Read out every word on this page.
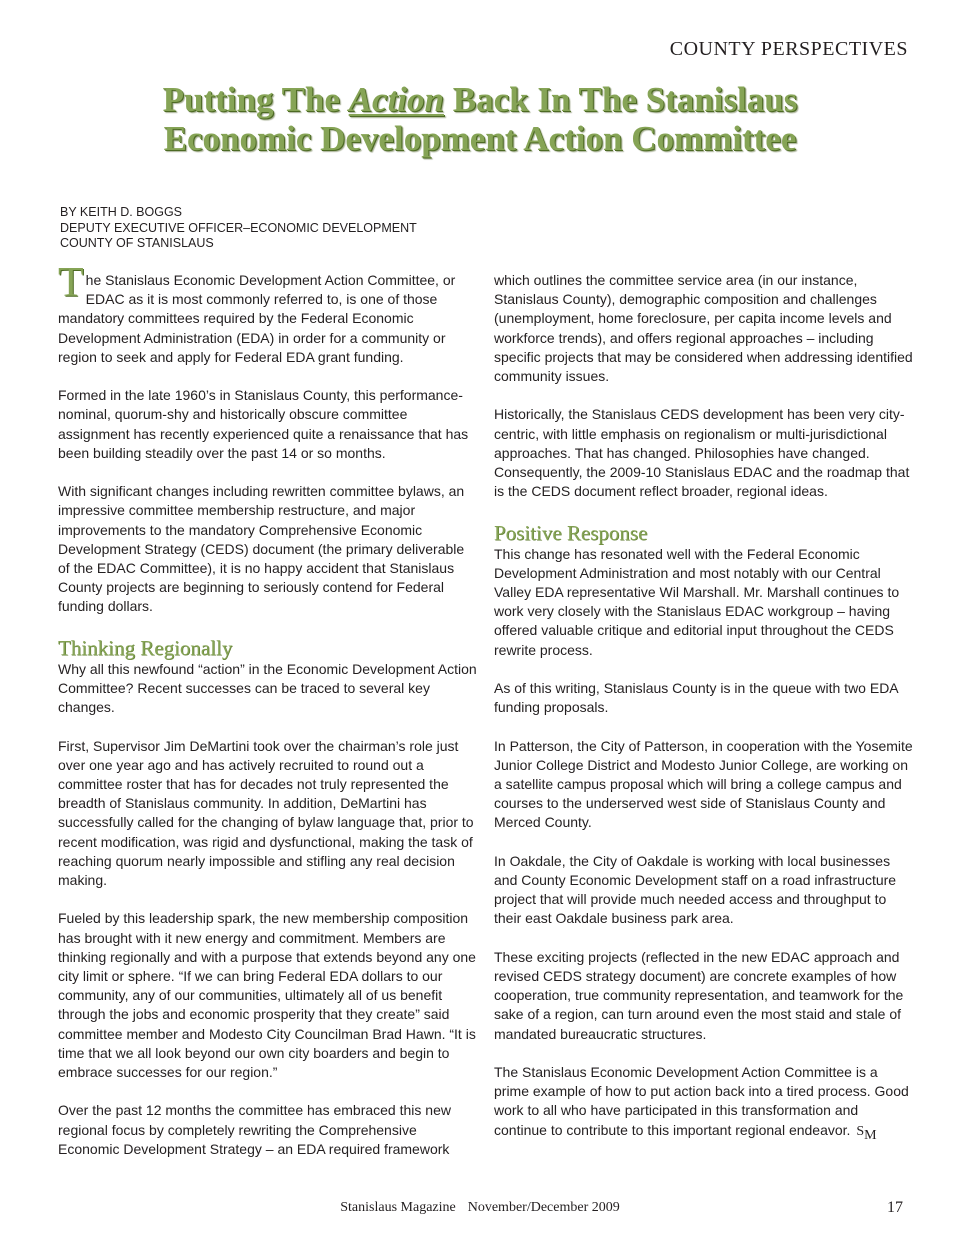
COUNTY PERSPECTIVES
Putting The Action Back In The Stanislaus
Economic Development Action Committee
BY KEITH D. BOGGS
DEPUTY EXECUTIVE OFFICER–ECONOMIC DEVELOPMENT
COUNTY OF STANISLAUS

The Stanislaus Economic Development Action Committee, or EDAC as it is most commonly referred to, is one of those mandatory committees required by the Federal Economic Development Administration (EDA) in order for a community or region to seek and apply for Federal EDA grant funding.

Formed in the late 1960’s in Stanislaus County, this performance-nominal, quorum-shy and historically obscure committee assignment has recently experienced quite a renaissance that has been building steadily over the past 14 or so months.

With significant changes including rewritten committee bylaws, an impressive committee membership restructure, and major improvements to the mandatory Comprehensive Economic Development Strategy (CEDS) document (the primary deliverable of the EDAC Committee), it is no happy accident that Stanislaus County projects are beginning to seriously contend for Federal funding dollars.

Thinking Regionally

Why all this newfound “action” in the Economic Development Action Committee? Recent successes can be traced to several key changes.

First, Supervisor Jim DeMartini took over the chairman’s role just over one year ago and has actively recruited to round out a committee roster that has for decades not truly represented the breadth of Stanislaus community. In addition, DeMartini has successfully called for the changing of bylaw language that, prior to recent modification, was rigid and dysfunctional, making the task of reaching quorum nearly impossible and stifling any real decision making.

Fueled by this leadership spark, the new membership composition has brought with it new energy and commitment. Members are thinking regionally and with a purpose that extends beyond any one city limit or sphere. “If we can bring Federal EDA dollars to our community, any of our communities, ultimately all of us benefit through the jobs and economic prosperity that they create” said committee member and Modesto City Councilman Brad Hawn. “It is time that we all look beyond our own city boarders and begin to embrace successes for our region.”

Over the past 12 months the committee has embraced this new regional focus by completely rewriting the Comprehensive Economic Development Strategy – an EDA required framework

which outlines the committee service area (in our instance, Stanislaus County), demographic composition and challenges (unemployment, home foreclosure, per capita income levels and workforce trends), and offers regional approaches – including specific projects that may be considered when addressing identified community issues.

Historically, the Stanislaus CEDS development has been very city-centric, with little emphasis on regionalism or multi-jurisdictional approaches. That has changed. Philosophies have changed. Consequently, the 2009-10 Stanislaus EDAC and the roadmap that is the CEDS document reflect broader, regional ideas.

Positive Response

This change has resonated well with the Federal Economic Development Administration and most notably with our Central Valley EDA representative Wil Marshall. Mr. Marshall continues to work very closely with the Stanislaus EDAC workgroup – having offered valuable critique and editorial input throughout the CEDS rewrite process.

As of this writing, Stanislaus County is in the queue with two EDA funding proposals.

In Patterson, the City of Patterson, in cooperation with the Yosemite Junior College District and Modesto Junior College, are working on a satellite campus proposal which will bring a college campus and courses to the underserved west side of Stanislaus County and Merced County.

In Oakdale, the City of Oakdale is working with local businesses and County Economic Development staff on a road infrastructure project that will provide much needed access and throughput to their east Oakdale business park area.

These exciting projects (reflected in the new EDAC approach and revised CEDS strategy document) are concrete examples of how cooperation, true community representation, and teamwork for the sake of a region, can turn around even the most staid and stale of mandated bureaucratic structures.

The Stanislaus Economic Development Action Committee is a prime example of how to put action back into a tired process. Good work to all who have participated in this transformation and continue to contribute to this important regional endeavor. SM

Stanislaus Magazine November/December 2009	17
